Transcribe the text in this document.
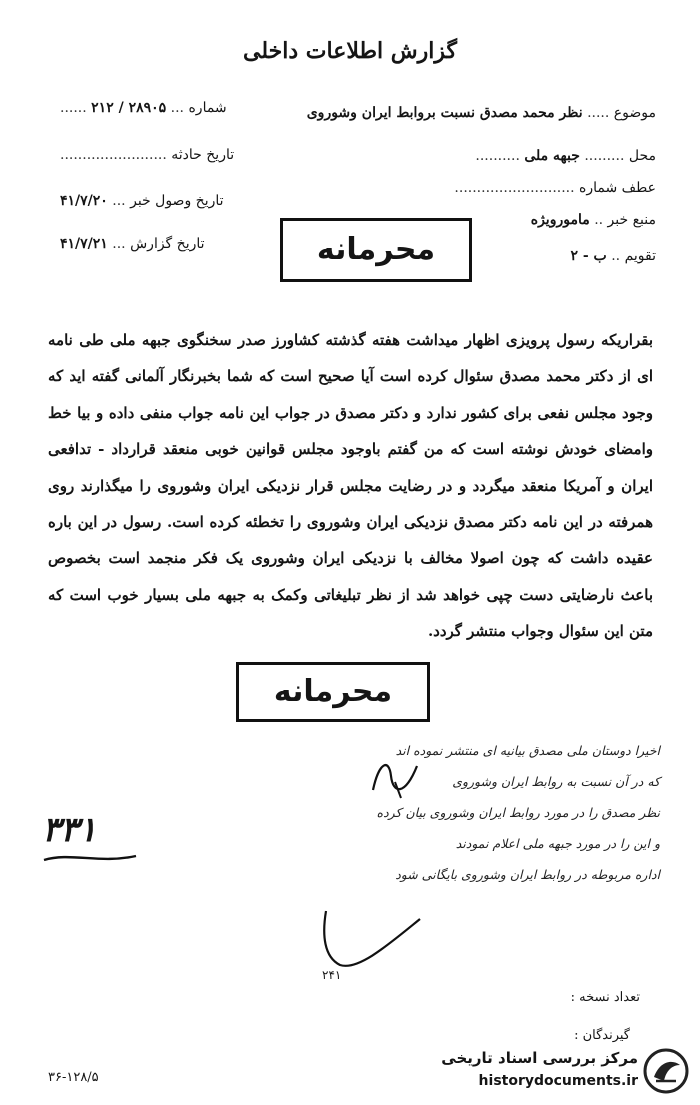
گزارش اطلاعات داخلی
موضوع ..... نظر محمد مصدق نسبت بروابط ایران وشوروی
محل ......... جبهه ملی ..........
عطف شماره ...........................
منبع خبر .. مامورویژه
تقویم .. ب - ۲
شماره ... ۲۸۹۰۵ / ۲۱۲ ......
تاریخ حادثه ........................
تاریخ وصول خبر ... ۴۱/۷/۲۰
تاریخ گزارش ... ۴۱/۷/۲۱	محرمانه
بقراریکه رسول پرویزی اظهار میداشت هفته گذشته کشاورز صدر سخنگوی جبهه ملی طی نامه ای از دکتر محمد مصدق سئوال کرده است آیا صحیح است که شما بخبرنگار آلمانی گفته اید که وجود مجلس نفعی برای کشور ندارد و دکتر مصدق در جواب این نامه جواب منفی داده و بیا خط وامضای خودش نوشته است که من گفتم باوجود مجلس قوانین خوبی منعقد قرارداد - تدافعی ایران و آمریکا منعقد میگردد و در رضایت مجلس قرار نزدیکی ایران وشوروی را میگذارند روی همرفته در این نامه دکتر مصدق نزدیکی ایران وشوروی را تخطئه کرده است. رسول در این باره عقیده داشت که چون اصولا مخالف با نزدیکی ایران وشوروی یک فکر منجمد است بخصوص باعث نارضایتی دست چپی خواهد شد از نظر تبلیغاتی وکمک به جبهه ملی بسیار خوب است که متن این سئوال وجواب منتشر گردد.
محرمانه
اخیرا دوستان ملی مصدق بیانیه ای منتشر نموده اند
که در آن نسبت به روابط ایران وشوروی
نظر مصدق را در مورد روابط ایران وشوروی بیان کرده
و این را در مورد جبهه ملی اعلام نمودند
اداره مربوطه در روابط ایران وشوروی بایگانی شود
۳۳۱
۲۴۱
تعداد نسخه :
گیرندگان :
۳۶-۱۲۸/۵
مرکز بررسی اسناد تاریخی
historydocuments.ir
